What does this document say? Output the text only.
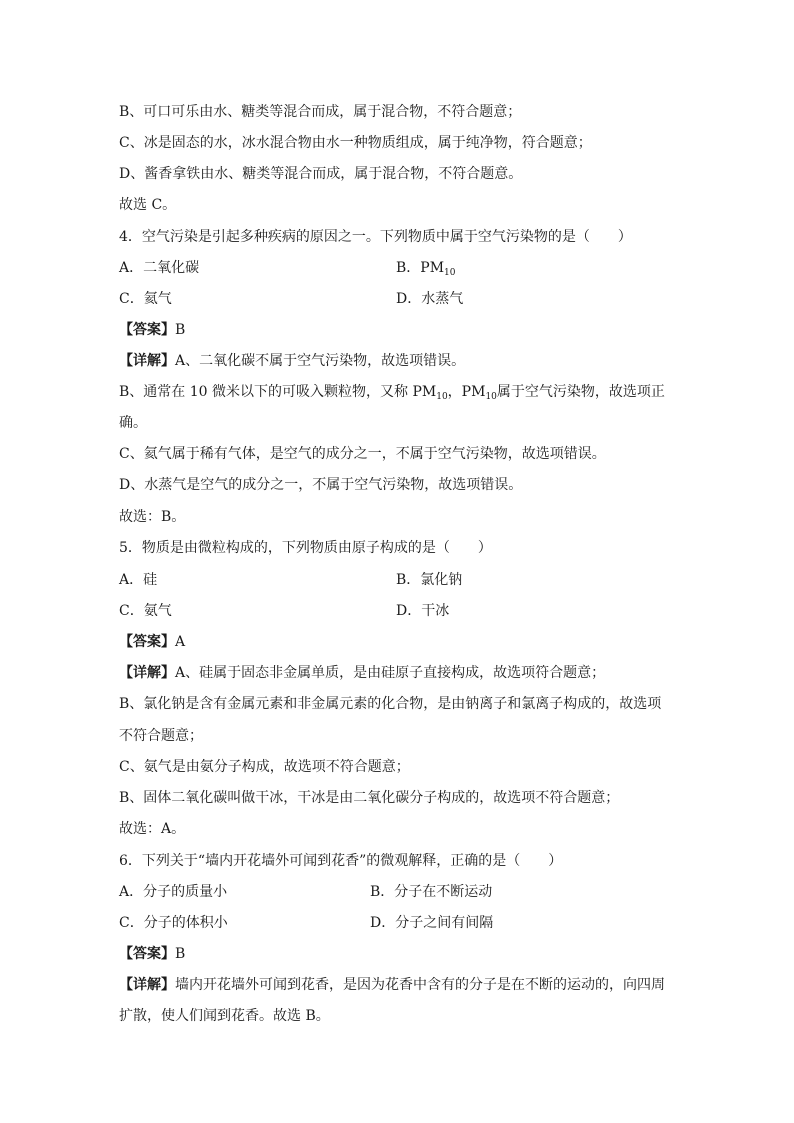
B、可口可乐由水、糖类等混合而成，属于混合物，不符合题意；
C、冰是固态的水，冰水混合物由水一种物质组成，属于纯净物，符合题意；
D、酱香拿铁由水、糖类等混合而成，属于混合物，不符合题意。
故选 C。
4．空气污染是引起多种疾病的原因之一。下列物质中属于空气污染物的是（　　）
A．二氧化碳	B．$PM_{10}$
C．氦气	D．水蒸气
【答案】B
【详解】A、二氧化碳不属于空气污染物，故选项错误。
B、通常在 10 微米以下的可吸入颗粒物，又称 $PM_{10}$，$PM_{10}$属于空气污染物，故选项正
确。
C、氦气属于稀有气体，是空气的成分之一，不属于空气污染物，故选项错误。
D、水蒸气是空气的成分之一，不属于空气污染物，故选项错误。
故选：B。
5．物质是由微粒构成的，下列物质由原子构成的是（　　）
A．硅	B．氯化钠
C．氨气	D．干冰
【答案】A
【详解】A、硅属于固态非金属单质，是由硅原子直接构成，故选项符合题意；
B、氯化钠是含有金属元素和非金属元素的化合物，是由钠离子和氯离子构成的，故选项
不符合题意；
C、氨气是由氨分子构成，故选项不符合题意；
B、固体二氧化碳叫做干冰，干冰是由二氧化碳分子构成的，故选项不符合题意；
故选：A。
6．下列关于“墙内开花墙外可闻到花香”的微观解释，正确的是（　　）
A．分子的质量小	B．分子在不断运动
C．分子的体积小	D．分子之间有间隔
【答案】B
【详解】墙内开花墙外可闻到花香，是因为花香中含有的分子是在不断的运动的，向四周
扩散，使人们闻到花香。故选 B。
